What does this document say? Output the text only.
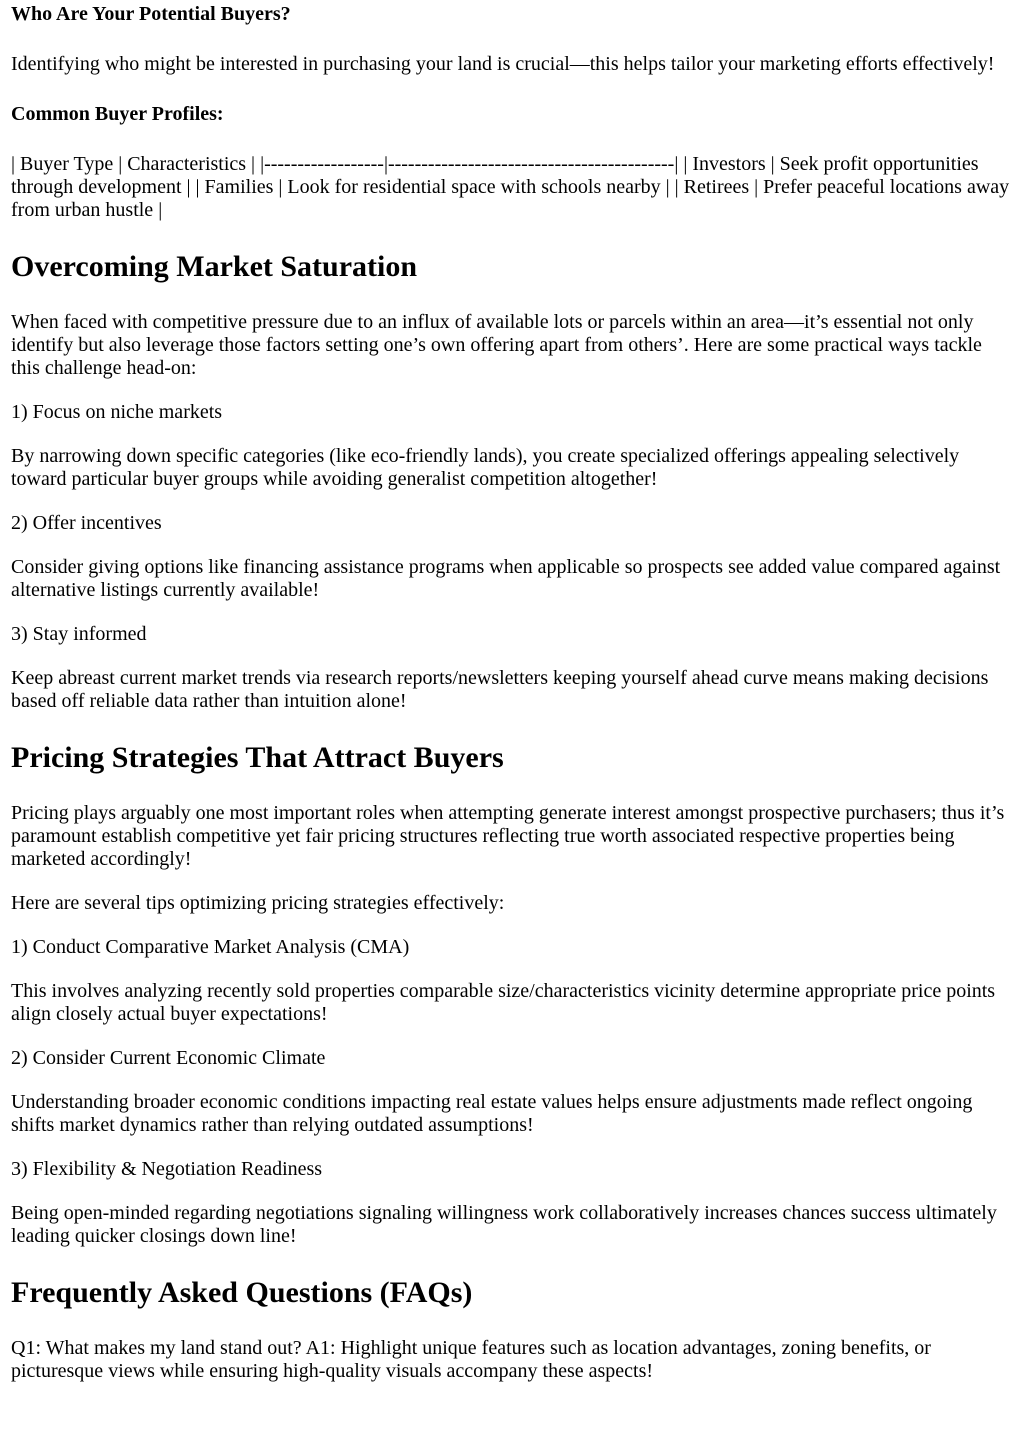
Who Are Your Potential Buyers?

Identifying who might be interested in purchasing your land is crucial—this helps tailor your marketing efforts effectively!

Common Buyer Profiles:

| Buyer Type | Characteristics | |------------------|-------------------------------------------| | Investors | Seek profit opportunities through development | | Families | Look for residential space with schools nearby | | Retirees | Prefer peaceful locations away from urban hustle |

Overcoming Market Saturation

When faced with competitive pressure due to an influx of available lots or parcels within an area—it’s essential not only identify but also leverage those factors setting one’s own offering apart from others’. Here are some practical ways tackle this challenge head-on:

1) Focus on niche markets

By narrowing down specific categories (like eco-friendly lands), you create specialized offerings appealing selectively toward particular buyer groups while avoiding generalist competition altogether!

2) Offer incentives

Consider giving options like financing assistance programs when applicable so prospects see added value compared against alternative listings currently available!

3) Stay informed

Keep abreast current market trends via research reports/newsletters keeping yourself ahead curve means making decisions based off reliable data rather than intuition alone!

Pricing Strategies That Attract Buyers

Pricing plays arguably one most important roles when attempting generate interest amongst prospective purchasers; thus it’s paramount establish competitive yet fair pricing structures reflecting true worth associated respective properties being marketed accordingly!

Here are several tips optimizing pricing strategies effectively:

1) Conduct Comparative Market Analysis (CMA)

This involves analyzing recently sold properties comparable size/characteristics vicinity determine appropriate price points align closely actual buyer expectations!

2) Consider Current Economic Climate

Understanding broader economic conditions impacting real estate values helps ensure adjustments made reflect ongoing shifts market dynamics rather than relying outdated assumptions!

3) Flexibility & Negotiation Readiness

Being open-minded regarding negotiations signaling willingness work collaboratively increases chances success ultimately leading quicker closings down line!

Frequently Asked Questions (FAQs)

Q1: What makes my land stand out? A1: Highlight unique features such as location advantages, zoning benefits, or picturesque views while ensuring high-quality visuals accompany these aspects!
